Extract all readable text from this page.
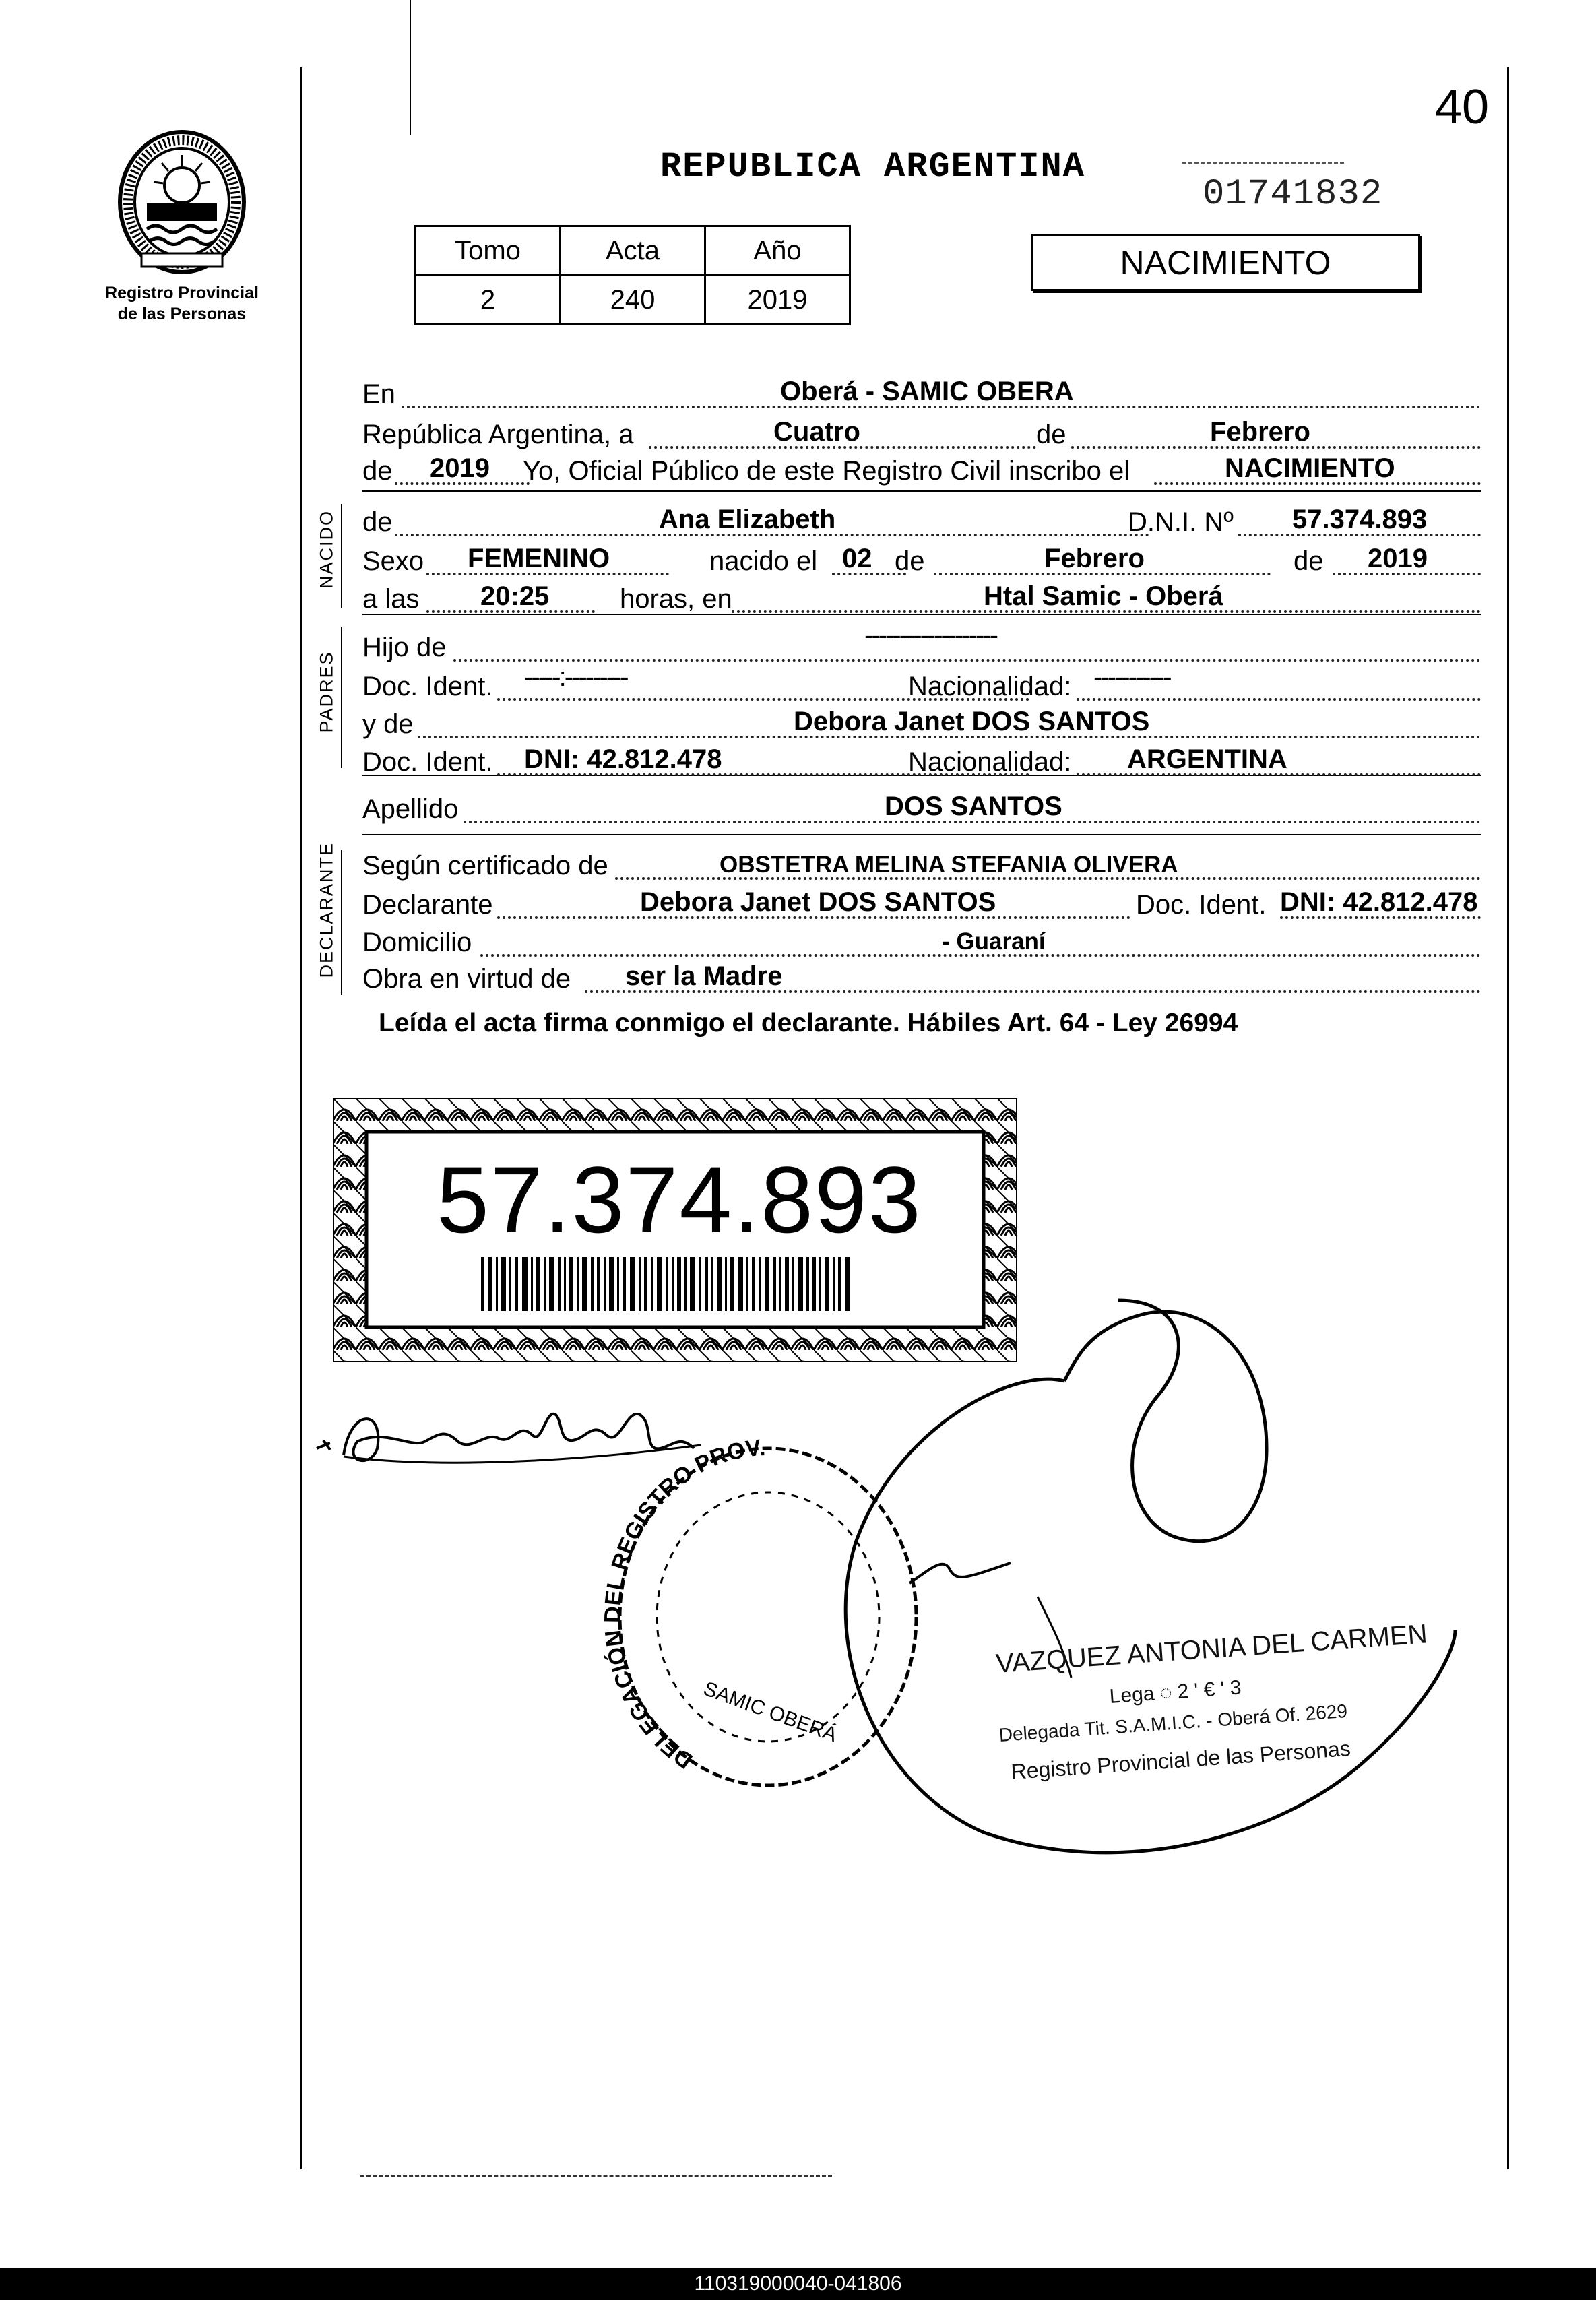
40
Registro Provincial
de las Personas
REPUBLICA ARGENTINA
01741832
Tomo	Acta	Año
2	240	2019
NACIMIENTO
NACIDO
PADRES
DECLARANTE
En	Oberá - SAMIC OBERA
República Argentina, a	Cuatro	de	Febrero
de 2019 Yo, Oficial Público de este Registro Civil inscribo el	NACIMIENTO
de	Ana Elizabeth	D.N.I. Nº 57.374.893
Sexo FEMENINO	nacido el 02 de	Febrero	de 2019
a las 20:25	horas, en	Htal Samic - Oberá
Hijo de	-------------------
Doc. Ident. -----:---------	Nacionalidad: -----------
y de	Debora Janet DOS SANTOS
Doc. Ident. DNI: 42.812.478	Nacionalidad: ARGENTINA
Apellido	DOS SANTOS
Según certificado de	OBSTETRA MELINA STEFANIA OLIVERA
Declarante	Debora Janet DOS SANTOS	Doc. Ident. DNI: 42.812.478
Domicilio	- Guaraní
Obra en virtud de ser la Madre
Leída el acta firma conmigo el declarante. Hábiles Art. 64 - Ley 26994
57.374.893
DELEGACIÓN DEL REGISTRO PROV.
SAMIC OBERÁ
VAZQUEZ ANTONIA DEL CARMEN
Lega ◌ 2 ' € ' 3
Delegada Tit. S.A.M.I.C. - Oberá Of. 2629
Registro Provincial de las Personas
110319000040-041806
